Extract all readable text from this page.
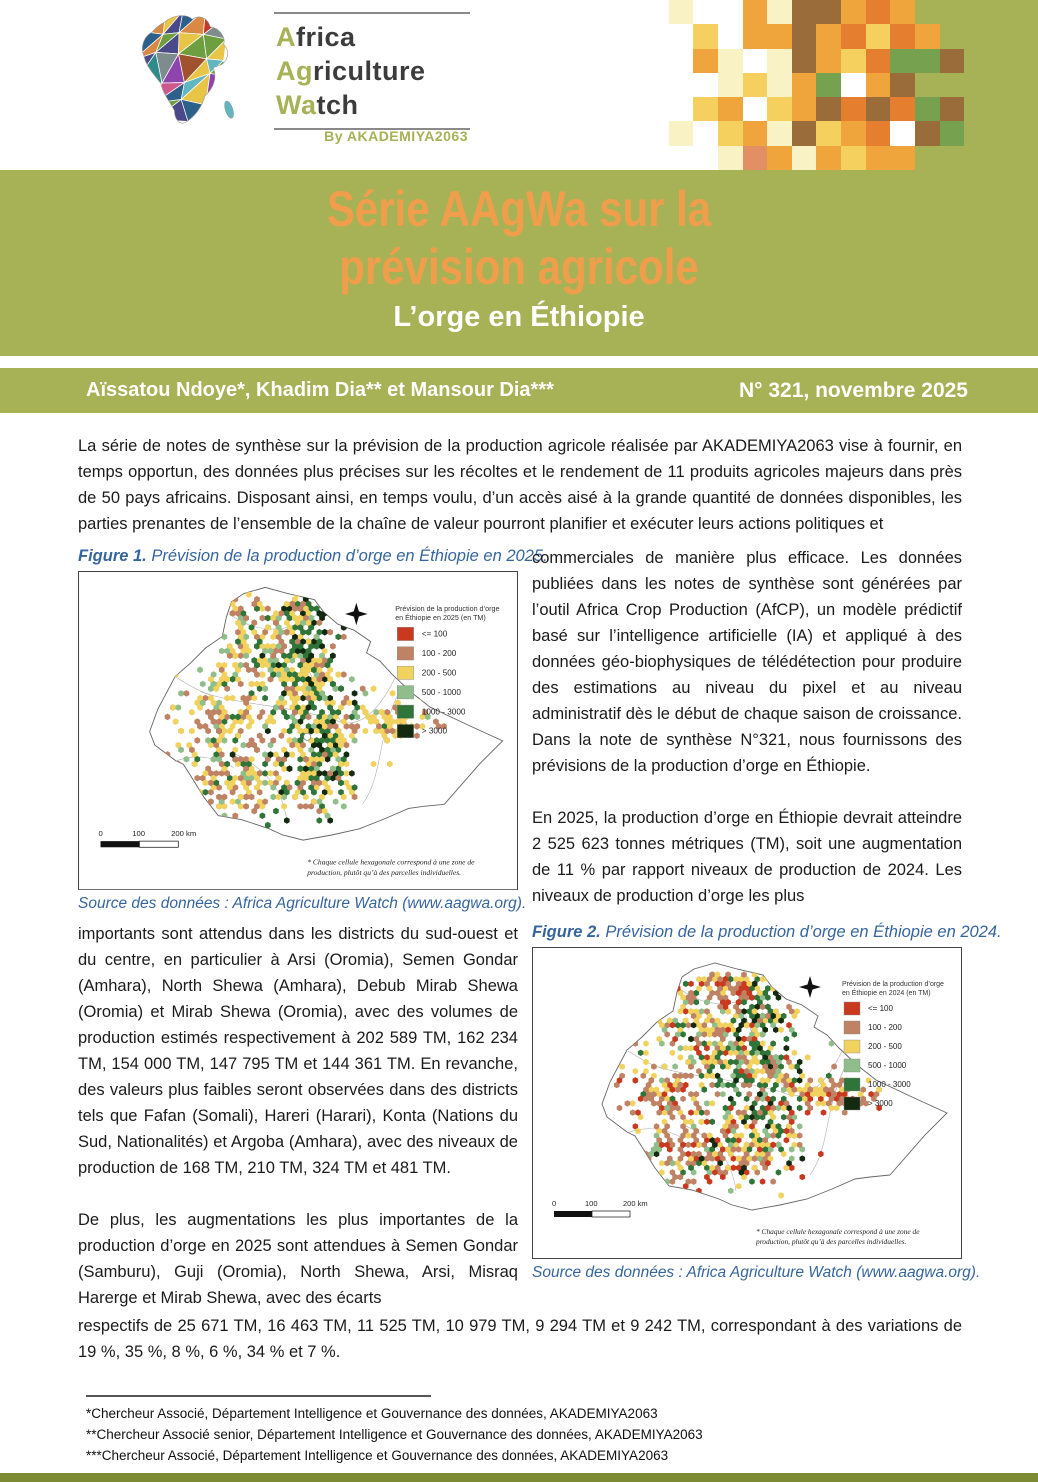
Africa
Agriculture
Watch
By AKADEMIYA2063
Série AAgWa sur la
prévision agricole
L’orge en Éthiopie
Aïssatou Ndoye*, Khadim Dia** et Mansour Dia***	N° 321, novembre 2025

La série de notes de synthèse sur la prévision de la production agricole réalisée par AKADEMIYA2063 vise à fournir, en temps opportun, des données plus précises sur les récoltes et le rendement de 11 produits agricoles majeurs dans près de 50 pays africains. Disposant ainsi, en temps voulu, d’un accès aisé à la grande quantité de données disponibles, les parties prenantes de l’ensemble de la chaîne de valeur pourront planifier et exécuter leurs actions politiques et

Figure 1. Prévision de la production d’orge en Éthiopie en 2025.

Prévision de la production d’orge
en Éthiopie en 2025 (en TM)
<= 100
100 - 200
200 - 500
500 - 1000
1000 - 3000
> 3000
0	100	200 km
* Chaque cellule hexagonale correspond à une zone de
production, plutôt qu’à des parcelles individuelles.
Source des données : Africa Agriculture Watch (www.aagwa.org).

commerciales de manière plus efficace. Les données publiées dans les notes de synthèse sont générées par l’outil Africa Crop Production (AfCP), un modèle prédictif basé sur l’intelligence artificielle (IA) et appliqué à des données géo-biophysiques de télédétection pour produire des estimations au niveau du pixel et au niveau administratif dès le début de chaque saison de croissance. Dans la note de synthèse N°321, nous fournissons des prévisions de la production d’orge en Éthiopie.

En 2025, la production d’orge en Éthiopie devrait atteindre 2 525 623 tonnes métriques (TM), soit une augmentation de 11 % par rapport niveaux de production de 2024. Les niveaux de production d’orge les plus

importants sont attendus dans les districts du sud-ouest et du centre, en particulier à Arsi (Oromia), Semen Gondar (Amhara), North Shewa (Amhara), Debub Mirab Shewa (Oromia) et Mirab Shewa (Oromia), avec des volumes de production estimés respectivement à 202 589 TM, 162 234 TM, 154 000 TM, 147 795 TM et 144 361 TM. En revanche, des valeurs plus faibles seront observées dans des districts tels que Fafan (Somali), Hareri (Harari), Konta (Nations du Sud, Nationalités) et Argoba (Amhara), avec des niveaux de production de 168 TM, 210 TM, 324 TM et 481 TM.

De plus, les augmentations les plus importantes de la production d’orge en 2025 sont attendues à Semen Gondar (Samburu), Guji (Oromia), North Shewa, Arsi, Misraq Harerge et Mirab Shewa, avec des écarts

Figure 2. Prévision de la production d’orge en Éthiopie en 2024.

Prévision de la production d’orge
en Éthiopie en 2024 (en TM)
<= 100
100 - 200
200 - 500
500 - 1000
1000 - 3000
> 3000
0	100	200 km
* Chaque cellule hexagonale correspond à une zone de
production, plutôt qu’à des parcelles individuelles.
Source des données : Africa Agriculture Watch (www.aagwa.org).

respectifs de 25 671 TM, 16 463 TM, 11 525 TM, 10 979 TM, 9 294 TM et 9 242 TM, correspondant à des variations de 19 %, 35 %, 8 %, 6 %, 34 % et 7 %.

*Chercheur Associé, Département Intelligence et Gouvernance des données, AKADEMIYA2063

**Chercheur Associé senior, Département Intelligence et Gouvernance des données, AKADEMIYA2063

***Chercheur Associé, Département Intelligence et Gouvernance des données, AKADEMIYA2063
